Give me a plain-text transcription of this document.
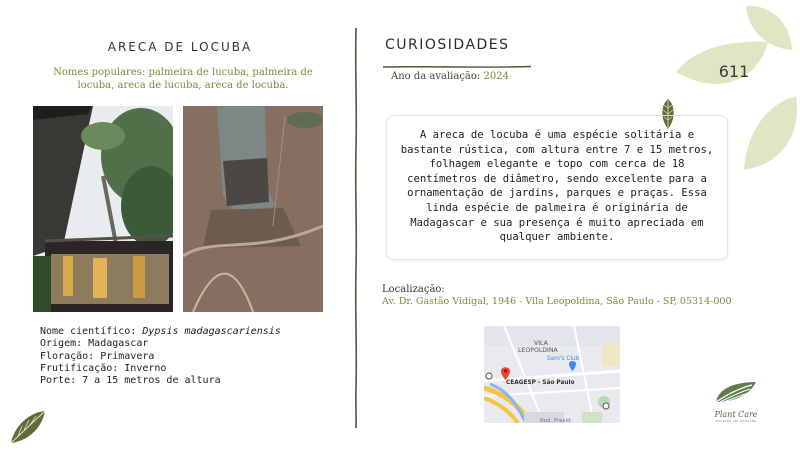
ARECA DE LOCUBA
Nomes populares: palmeira de lucuba, palmeira de locuba, areca de lucuba, areca de locuba.
Nome científico: Dypsis madagascariensis
Origem: Madagascar
Floração: Primavera
Frutificação: Inverno
Porte: 7 a 15 metros de altura
CURIOSIDADES
Ano da avaliação: 2024	611

A areca de locuba é uma espécie solitária e bastante rústica, com altura entre 7 e 15 metros, folhagem elegante e topo com cerca de 18 centímetros de diâmetro, sendo excelente para a ornamentação de jardins, parques e praças. Essa linda espécie de palmeira é originária de Madagascar e sua presença é muito apreciada em qualquer ambiente.

Localização:
Av. Dr. Gastão Vidigal, 1946 - Vila Leopoldina, São Paulo - SP, 05314-000
VILA
LEOPOLDINA
Sam's Club
CEAGESP - São Paulo
Rod. Presid.
Plant Care
escolas de plantas
